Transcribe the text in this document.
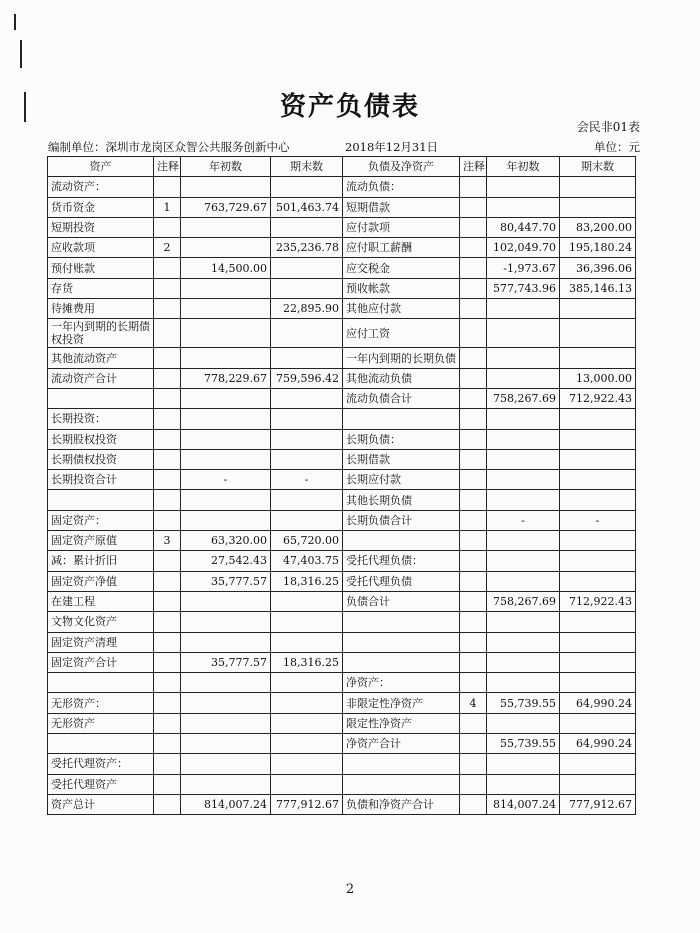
资产负债表
会民非01表
编制单位：深圳市龙岗区众智公共服务创新中心	2018年12月31日	单位：元
资产	注释	年初数	期末数	负债及净资产	注释	年初数	期末数
流动资产：				流动负债：			
货币资金	1	763,729.67	501,463.74	短期借款			
短期投资				应付款项		80,447.70	83,200.00
应收款项	2		235,236.78	应付职工薪酬		102,049.70	195,180.24
预付账款		14,500.00		应交税金		-1,973.67	36,396.06
存货				预收帐款		577,743.96	385,146.13
待摊费用			22,895.90	其他应付款			
一年内到期的长期债权投资				应付工资			
其他流动资产				一年内到期的长期负债			
流动资产合计		778,229.67	759,596.42	其他流动负债			13,000.00
				流动负债合计		758,267.69	712,922.43
长期投资：							
长期股权投资				长期负债：			
长期债权投资				长期借款			
长期投资合计		-	-	长期应付款			
				其他长期负债			
固定资产：				长期负债合计		-	-
固定资产原值	3	63,320.00	65,720.00				
减：累计折旧		27,542.43	47,403.75	受托代理负债：			
固定资产净值		35,777.57	18,316.25	受托代理负债			
在建工程				负债合计		758,267.69	712,922.43
文物文化资产							
固定资产清理							
固定资产合计		35,777.57	18,316.25				
				净资产：			
无形资产：				非限定性净资产	4	55,739.55	64,990.24
无形资产				限定性净资产			
				净资产合计		55,739.55	64,990.24
受托代理资产：							
受托代理资产							
资产总计		814,007.24	777,912.67	负债和净资产合计		814,007.24	777,912.67
2
